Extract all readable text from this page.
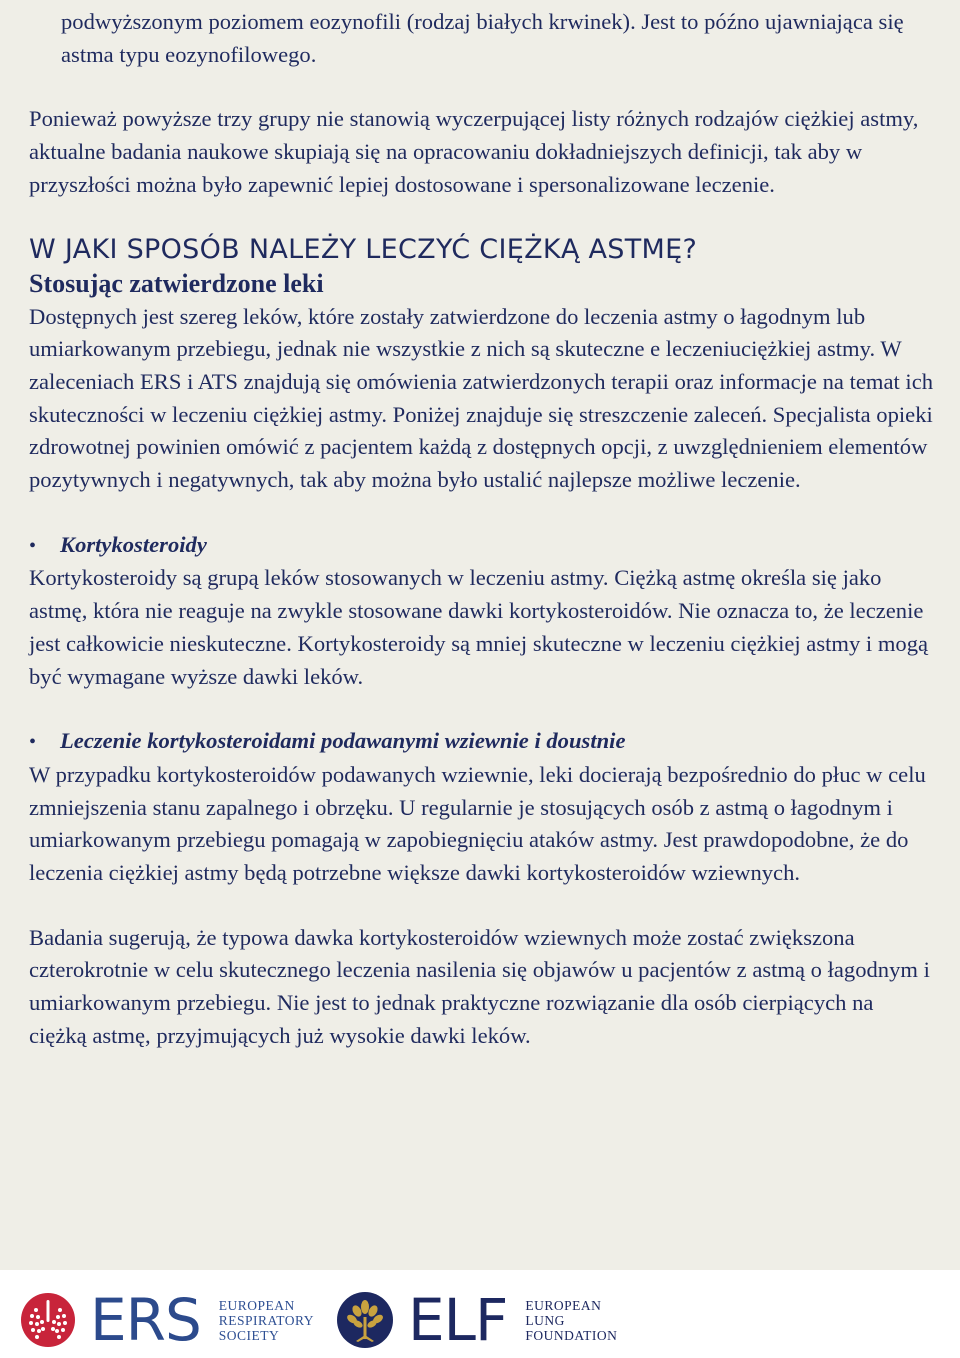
podwyższonym poziomem eozynofili (rodzaj białych krwinek). Jest to późno ujawniająca się astma typu eozynofilowego.

Ponieważ powyższe trzy grupy nie stanowią wyczerpującej listy różnych rodzajów ciężkiej astmy, aktualne badania naukowe skupiają się na opracowaniu dokładniejszych definicji, tak aby w przyszłości można było zapewnić lepiej dostosowane i spersonalizowane leczenie.

W JAKI SPOSÓB NALEŻY LECZYĆ CIĘŻKĄ ASTMĘ?
Stosując zatwierdzone leki

Dostępnych jest szereg leków, które zostały zatwierdzone do leczenia astmy o łagodnym lub umiarkowanym przebiegu, jednak nie wszystkie z nich są skuteczne e leczeniuciężkiej astmy. W zaleceniach ERS i ATS znajdują się omówienia zatwierdzonych terapii oraz informacje na temat ich skuteczności w leczeniu ciężkiej astmy. Poniżej znajduje się streszczenie zaleceń. Specjalista opieki zdrowotnej powinien omówić z pacjentem każdą z dostępnych opcji, z uwzględnieniem elementów pozytywnych i negatywnych, tak aby można było ustalić najlepsze możliwe leczenie.

•	Kortykosteroidy

Kortykosteroidy są grupą leków stosowanych w leczeniu astmy. Ciężką astmę określa się jako astmę, która nie reaguje na zwykle stosowane dawki kortykosteroidów. Nie oznacza to, że leczenie jest całkowicie nieskuteczne. Kortykosteroidy są mniej skuteczne w leczeniu ciężkiej astmy i mogą być wymagane wyższe dawki leków.

•	Leczenie kortykosteroidami podawanymi wziewnie i doustnie

W przypadku kortykosteroidów podawanych wziewnie, leki docierają bezpośrednio do płuc w celu zmniejszenia stanu zapalnego i obrzęku. U regularnie je stosujących osób z astmą o łagodnym i umiarkowanym przebiegu pomagają w zapobiegnięciu ataków astmy. Jest prawdopodobne, że do leczenia ciężkiej astmy będą potrzebne większe dawki kortykosteroidów wziewnych.

Badania sugerują, że typowa dawka kortykosteroidów wziewnych może zostać zwiększona czterokrotnie w celu skutecznego leczenia nasilenia się objawów u pacjentów z astmą o łagodnym i umiarkowanym przebiegu. Nie jest to jednak praktyczne rozwiązanie dla osób cierpiących na ciężką astmę, przyjmujących już wysokie dawki leków.

ERS EUROPEAN
RESPIRATORY
SOCIETY	ELF EUROPEAN
LUNG
FOUNDATION
